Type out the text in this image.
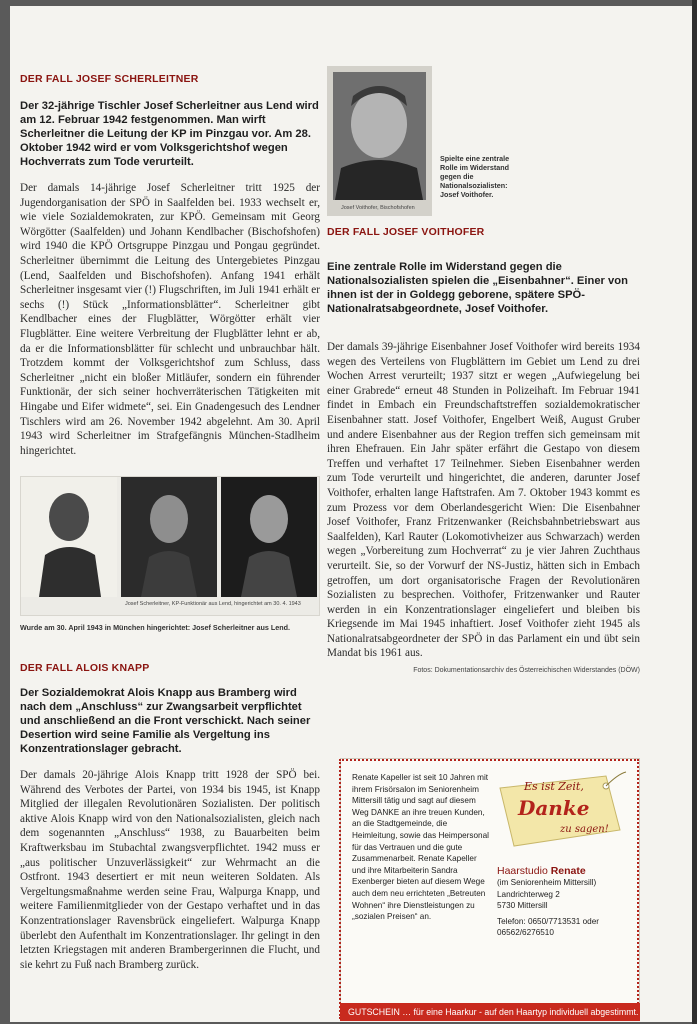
DER FALL JOSEF SCHERLEITNER
Der 32-jährige Tischler Josef Scherleitner aus Lend wird am 12. Februar 1942 festgenommen. Man wirft Scherleitner die Leitung der KP im Pinzgau vor. Am 28. Oktober 1942 wird er vom Volksgerichtshof wegen Hochverrats zum Tode verurteilt.
Der damals 14-jährige Josef Scherleitner tritt 1925 der Jugendorganisation der SPÖ in Saalfelden bei. 1933 wechselt er, wie viele Sozialdemokraten, zur KPÖ. Gemeinsam mit Georg Wörgötter (Saalfelden) und Johann Kendlbacher (Bischofshofen) wird 1940 die KPÖ Ortsgruppe Pinzgau und Pongau gegründet. Scherleitner übernimmt die Leitung des Untergebietes Pinzgau (Lend, Saalfelden und Bischofshofen). Anfang 1941 erhält Scherleitner insgesamt vier (!) Flugschriften, im Juli 1941 erhält er sechs (!) Stück „Informationsblätter“. Scherleitner gibt Kendlbacher eines der Flugblätter, Wörgötter erhält vier Flugblätter. Eine weitere Verbreitung der Flugblätter lehnt er ab, da er die Informationsblätter für schlecht und unbrauchbar hält. Trotzdem kommt der Volksgerichtshof zum Schluss, dass Scherleitner „nicht ein bloßer Mitläufer, sondern ein führender Funktionär, der sich seiner hochverräterischen Tätigkeiten mit Hingabe und Eifer widmete“, sei. Ein Gnadengesuch des Lendner Tischlers wird am 26. November 1942 abgelehnt. Am 30. April 1943 wird Scherleitner im Strafgefängnis München-Stadlheim hingerichtet.
Josef Scherleitner, KP-Funktionär aus Lend, hingerichtet am 30. 4. 1943
Wurde am 30. April 1943 in München hingerichtet: Josef Scherleitner aus Lend.
DER FALL ALOIS KNAPP
Der Sozialdemokrat Alois Knapp aus Bramberg wird nach dem „Anschluss“ zur Zwangsarbeit verpflichtet und anschließend an die Front verschickt. Nach seiner Desertion wird seine Familie als Vergeltung ins Konzentrationslager gebracht.
Der damals 20-jährige Alois Knapp tritt 1928 der SPÖ bei. Während des Verbotes der Partei, von 1934 bis 1945, ist Knapp Mitglied der illegalen Revolutionären Sozialisten. Der politisch aktive Alois Knapp wird von den Nationalsozialisten, gleich nach dem sogenannten „Anschluss“ 1938, zu Bauarbeiten beim Kraftwerksbau im Stubachtal zwangsverpflichtet. 1942 muss er „aus politischer Unzuverlässigkeit“ zur Wehrmacht an die Ostfront. 1943 desertiert er mit neun weiteren Soldaten. Als Vergeltungsmaßnahme werden seine Frau, Walpurga Knapp, und weitere Familienmitglieder von der Gestapo verhaftet und in das Konzentrationslager Ravensbrück eingeliefert. Walpurga Knapp überlebt den Aufenthalt im Konzentrationslager. Ihr gelingt in den letzten Kriegstagen mit anderen Brambergerinnen die Flucht, und sie kehrt zu Fuß nach Bramberg zurück.
Josef Voithofer, Bischofshofen
Spielte eine zentrale Rolle im Widerstand gegen die Nationalsozialisten: Josef Voithofer.
DER FALL JOSEF VOITHOFER
Eine zentrale Rolle im Widerstand gegen die Nationalsozialisten spielen die „Eisenbahner“. Einer von ihnen ist der in Goldegg geborene, spätere SPÖ-Nationalratsabgeordnete, Josef Voithofer.
Der damals 39-jährige Eisenbahner Josef Voithofer wird bereits 1934 wegen des Verteilens von Flugblättern im Gebiet um Lend zu drei Wochen Arrest verurteilt; 1937 sitzt er wegen „Aufwiegelung bei einer Grabrede“ erneut 48 Stunden in Polizeihaft. Im Februar 1941 findet in Embach ein Freundschaftstreffen sozialdemokratischer Eisenbahner statt. Josef Voithofer, Engelbert Weiß, August Gruber und andere Eisenbahner aus der Region treffen sich gemeinsam mit ihren Ehefrauen. Ein Jahr später erfährt die Gestapo von diesem Treffen und verhaftet 17 Teilnehmer. Sieben Eisenbahner werden zum Tode verurteilt und hingerichtet, die anderen, darunter Josef Voithofer, erhalten lange Haftstrafen. Am 7. Oktober 1943 kommt es zum Prozess vor dem Oberlandesgericht Wien: Die Eisenbahner Josef Voithofer, Franz Fritzenwanker (Reichsbahnbetriebswart aus Saalfelden), Karl Rauter (Lokomotivheizer aus Schwarzach) werden wegen „Vorbereitung zum Hochverrat“ zu je vier Jahren Zuchthaus verurteilt. Sie, so der Vorwurf der NS-Justiz, hätten sich in Embach getroffen, um dort organisatorische Fragen der Revolutionären Sozialisten zu besprechen. Voithofer, Fritzenwanker und Rauter werden in ein Konzentrationslager eingeliefert und bleiben bis Kriegsende im Mai 1945 inhaftiert. Josef Voithofer zieht 1945 als Nationalratsabgeordneter der SPÖ in das Parlament ein und übt sein Mandat bis 1961 aus.
Fotos: Dokumentationsarchiv des Österreichischen Widerstandes (DÖW)
Renate Kapeller ist seit 10 Jahren mit ihrem Frisörsalon im Seniorenheim Mittersill tätig und sagt auf diesem Weg DANKE an ihre treuen Kunden, an die Stadtgemeinde, die Heimleitung, sowie das Heimpersonal für das Vertrauen und die gute Zusammenarbeit. Renate Kapeller und ihre Mitarbeiterin Sandra Exenberger bieten auf diesem Wege auch dem neu errichteten „Betreuten Wohnen“ ihre Dienstleistungen zu „sozialen Preisen“ an.
Es ist Zeit,
Danke
zu sagen!
Haarstudio Renate
(im Seniorenheim Mittersill)
Landrichterweg 2
5730 Mittersill
Telefon: 0650/7713531 oder
06562/6276510
GUTSCHEIN … für eine Haarkur - auf den Haartyp individuell abgestimmt.
